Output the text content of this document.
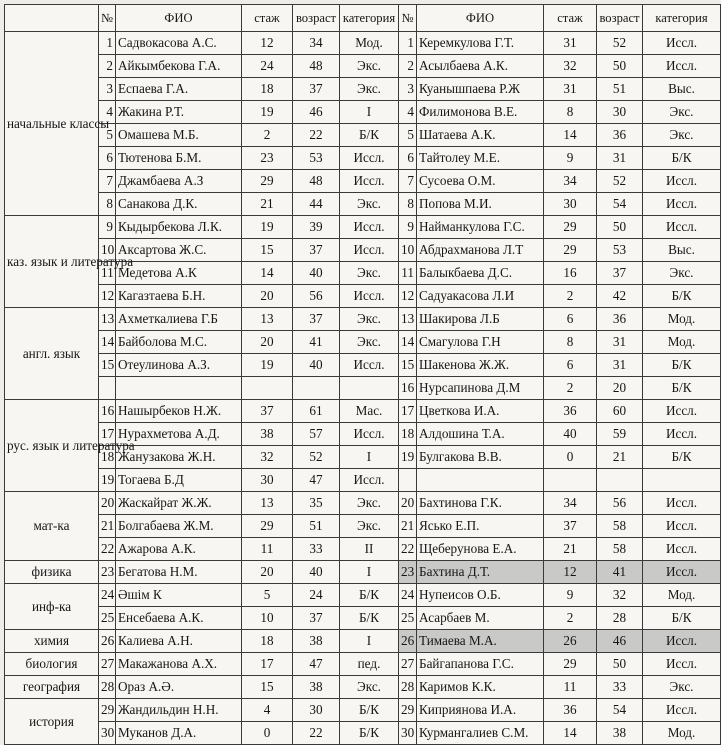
	№	ФИО	стаж	возраст	категория	№	ФИО	стаж	возраст	категория
начальные классы	1	Садвокасова А.С.	12	34	Мод.	1	Керемкулова Г.Т.	31	52	Иссл.
	2	Айкымбекова Г.А.	24	48	Экс.	2	Асылбаева А.К.	32	50	Иссл.
	3	Еспаева Г.А.	18	37	Экс.	3	Куанышпаева Р.Ж	31	51	Выс.
	4	Жакина Р.Т.	19	46	I	4	Филимонова В.Е.	8	30	Экс.
	5	Омашева М.Б.	2	22	Б/К	5	Шатаева А.К.	14	36	Экс.
	6	Тютенова Б.М.	23	53	Иссл.	6	Тайтолеу М.Е.	9	31	Б/К
	7	Джамбаева А.З	29	48	Иссл.	7	Сусоева О.М.	34	52	Иссл.
	8	Санакова Д.К.	21	44	Экс.	8	Попова М.И.	30	54	Иссл.
каз. язык и литература	9	Кыдырбекова Л.К.	19	39	Иссл.	9	Найманкулова Г.С.	29	50	Иссл.
	10	Аксартова Ж.С.	15	37	Иссл.	10	Абдрахманова Л.Т	29	53	Выс.
	11	Медетова А.К	14	40	Экс.	11	Балыкбаева Д.С.	16	37	Экс.
	12	Кагазтаева Б.Н.	20	56	Иссл.	12	Садуакасова Л.И	2	42	Б/К
англ. язык	13	Ахметкалиева Г.Б	13	37	Экс.	13	Шакирова Л.Б	6	36	Мод.
	14	Байболова М.С.	20	41	Экс.	14	Смагулова Г.Н	8	31	Мод.
	15	Отеулинова А.З.	19	40	Иссл.	15	Шакенова Ж.Ж.	6	31	Б/К
						16	Нурсапинова Д.М	2	20	Б/К
рус. язык и литература	16	Нашырбеков Н.Ж.	37	61	Мас.	17	Цветкова И.А.	36	60	Иссл.
	17	Нурахметова А.Д.	38	57	Иссл.	18	Алдошина Т.А.	40	59	Иссл.
	18	Жанузакова Ж.Н.	32	52	I	19	Булгакова В.В.	0	21	Б/К
	19	Тогаева Б.Д	30	47	Иссл.					
мат-ка	20	Жаскайрат Ж.Ж.	13	35	Экс.	20	Бахтинова Г.К.	34	56	Иссл.
	21	Болгабаева Ж.М.	29	51	Экс.	21	Ясько Е.П.	37	58	Иссл.
	22	Ажарова А.К.	11	33	II	22	Щеберунова Е.А.	21	58	Иссл.
физика	23	Бегатова Н.М.	20	40	I	23	Бахтина Д.Т.	12	41	Иссл.
инф-ка	24	Әшім К	5	24	Б/К	24	Нупеисов О.Б.	9	32	Мод.
	25	Енсебаева А.К.	10	37	Б/К	25	Асарбаев М.	2	28	Б/К
химия	26	Калиева А.Н.	18	38	I	26	Тимаева М.А.	26	46	Иссл.
биология	27	Макажанова А.Х.	17	47	пед.	27	Байгапанова Г.С.	29	50	Иссл.
география	28	Ораз А.Ә.	15	38	Экс.	28	Каримов К.К.	11	33	Экс.
история	29	Жандильдин Н.Н.	4	30	Б/К	29	Киприянова И.А.	36	54	Иссл.
	30	Муканов Д.А.	0	22	Б/К	30	Курмангалиев С.М.	14	38	Мод.
